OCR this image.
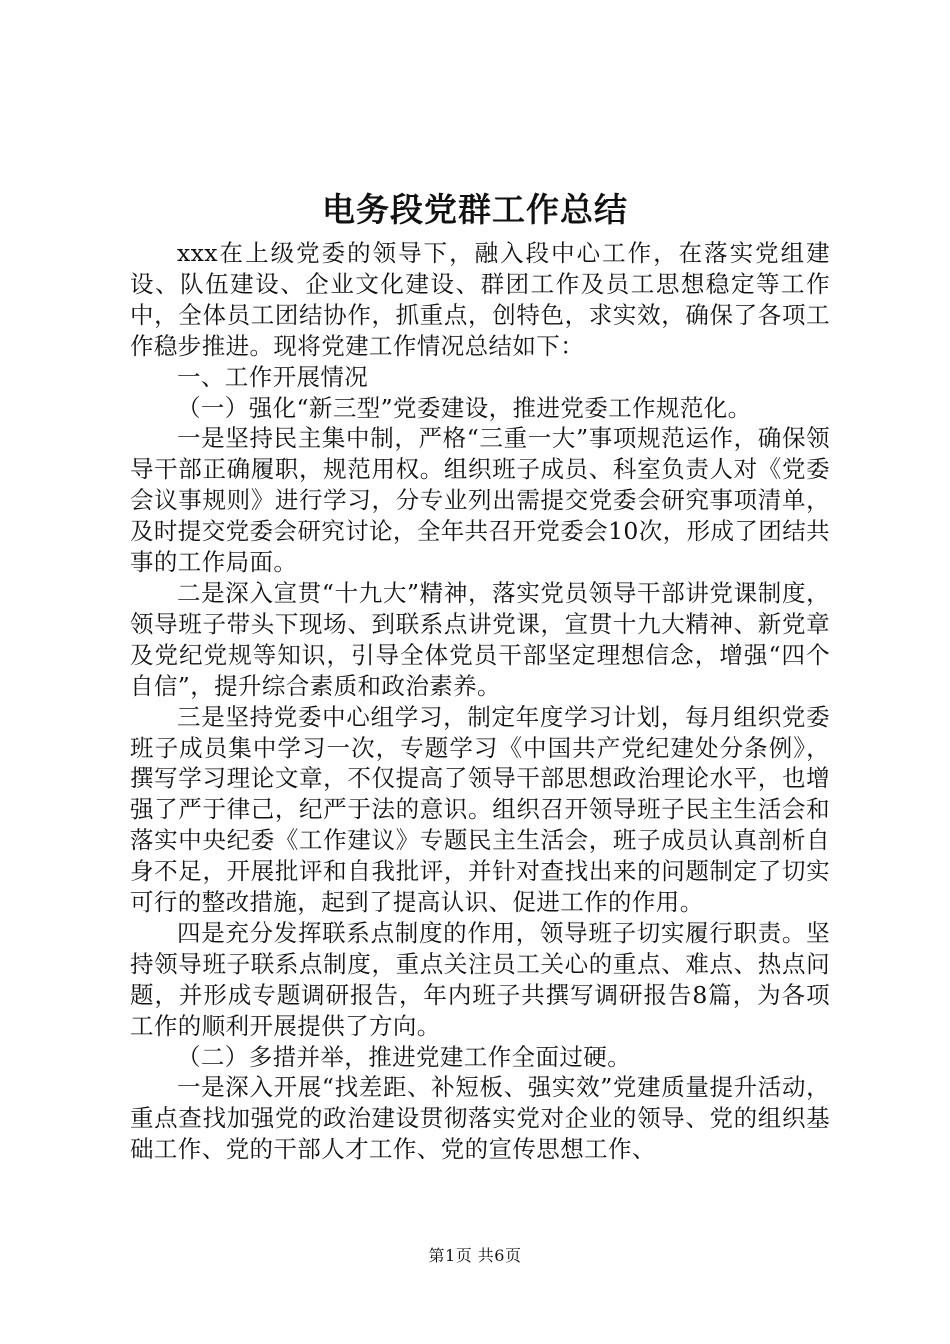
电务段党群工作总结

xxx在上级党委的领导下，融入段中心工作，在落实党组建设、队伍建设、企业文化建设、群团工作及员工思想稳定等工作中，全体员工团结协作，抓重点，创特色，求实效，确保了各项工作稳步推进。现将党建工作情况总结如下：

一、工作开展情况

（一）强化“新三型”党委建设，推进党委工作规范化。

一是坚持民主集中制，严格“三重一大”事项规范运作，确保领导干部正确履职，规范用权。组织班子成员、科室负责人对《党委会议事规则》进行学习，分专业列出需提交党委会研究事项清单，及时提交党委会研究讨论，全年共召开党委会10次，形成了团结共事的工作局面。

二是深入宣贯“十九大”精神，落实党员领导干部讲党课制度，领导班子带头下现场、到联系点讲党课，宣贯十九大精神、新党章及党纪党规等知识，引导全体党员干部坚定理想信念，增强“四个自信”，提升综合素质和政治素养。

三是坚持党委中心组学习，制定年度学习计划，每月组织党委班子成员集中学习一次，专题学习《中国共产党纪建处分条例》，撰写学习理论文章，不仅提高了领导干部思想政治理论水平，也增强了严于律己，纪严于法的意识。组织召开领导班子民主生活会和落实中央纪委《工作建议》专题民主生活会，班子成员认真剖析自身不足，开展批评和自我批评，并针对查找出来的问题制定了切实可行的整改措施，起到了提高认识、促进工作的作用。

四是充分发挥联系点制度的作用，领导班子切实履行职责。坚持领导班子联系点制度，重点关注员工关心的重点、难点、热点问题，并形成专题调研报告，年内班子共撰写调研报告8篇，为各项工作的顺利开展提供了方向。

（二）多措并举，推进党建工作全面过硬。

一是深入开展“找差距、补短板、强实效”党建质量提升活动，重点查找加强党的政治建设贯彻落实党对企业的领导、党的组织基础工作、党的干部人才工作、党的宣传思想工作、

第1页 共6页
